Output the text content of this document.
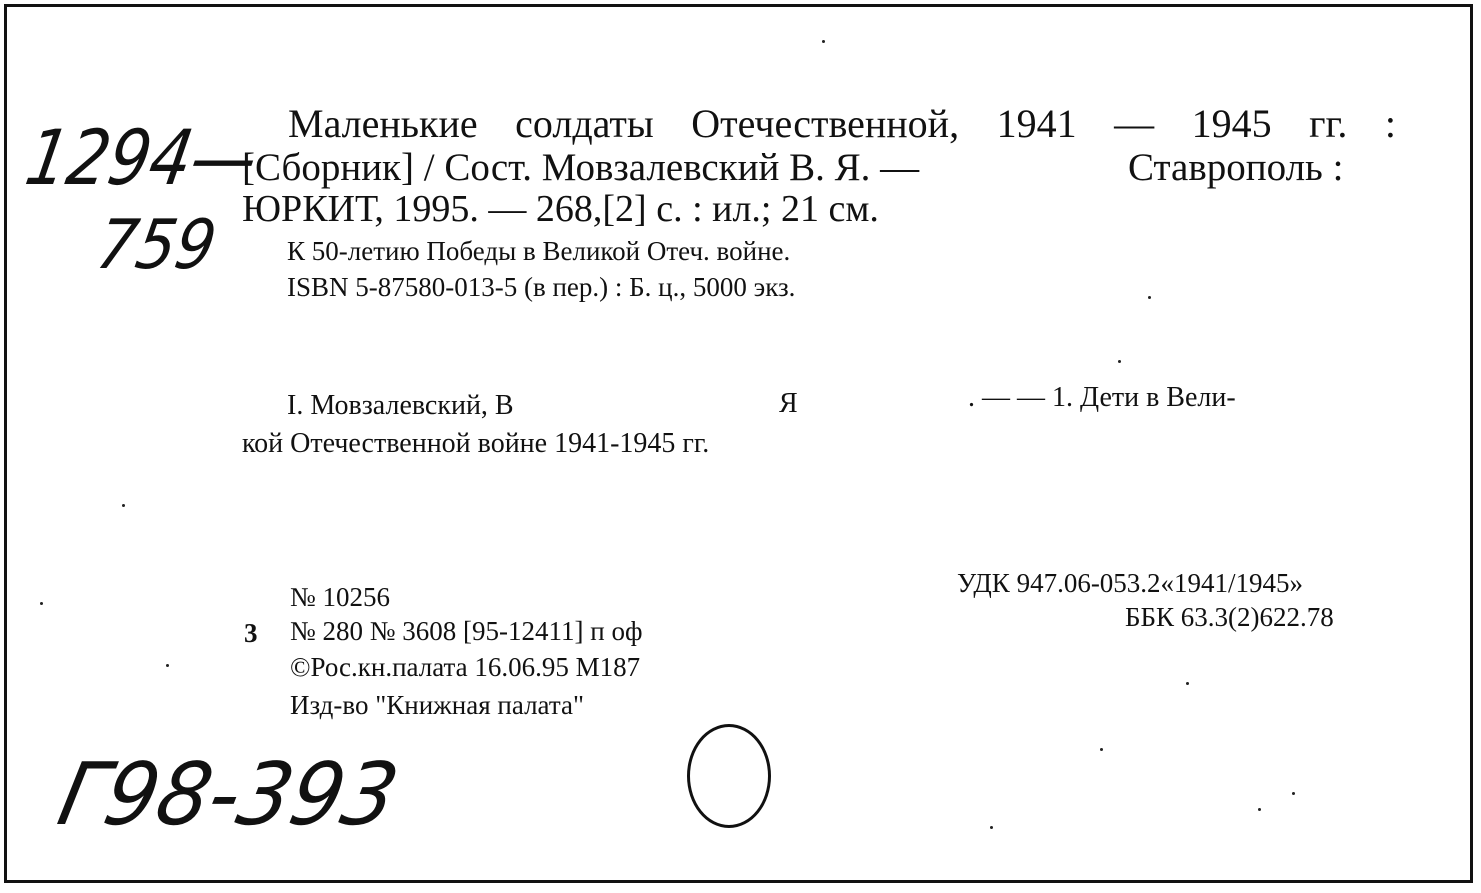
1294—
759
Г98-393
Маленькие солдаты Отечественной, 1941 — 1945 гг. :
[Сборник] / Сост. Мовзалевский В. Я. —	Ставрополь :
ЮРКИТ, 1995. — 268,[2] с. : ил.; 21 см.
К 50-летию Победы в Великой Отеч. войне.
ISBN 5-87580-013-5 (в пер.) : Б. ц., 5000 экз.
I. Мовзалевский, В	Я	. — — 1. Дети в Вели-
кой Отечественной войне 1941-1945 гг.
№ 10256
3 № 280 № 3608 [95-12411] п оф
©Рос.кн.палата 16.06.95 М187
Изд-во "Книжная палата"
УДК 947.06-053.2«1941/1945»
ББК 63.3(2)622.78
